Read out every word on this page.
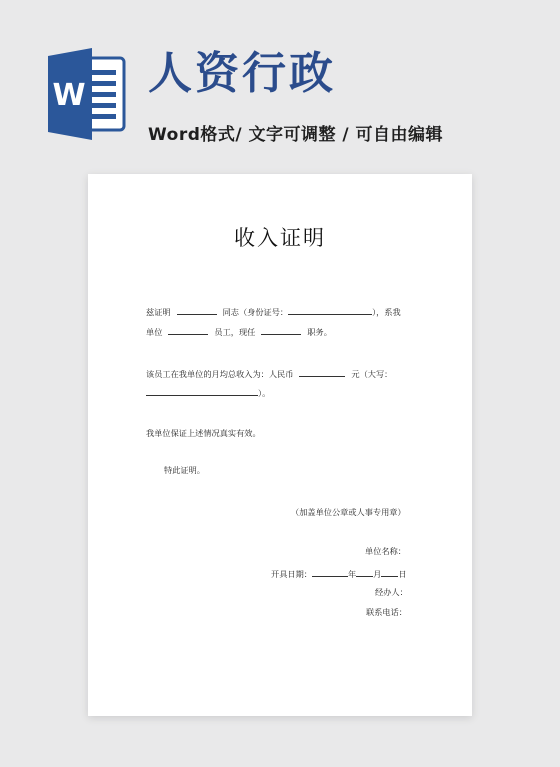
W 人资行政
Word格式/ 文字可调整 / 可自由编辑
收入证明
兹证明	同志（身份证号：	），系我
单位	员工，现任	职务。
该员工在我单位的月均总收入为：人民币	元（大写：
）。
我单位保证上述情况真实有效。
特此证明。
（加盖单位公章或人事专用章）
单位名称：
开具日期：	年 月 日
经办人：
联系电话：
